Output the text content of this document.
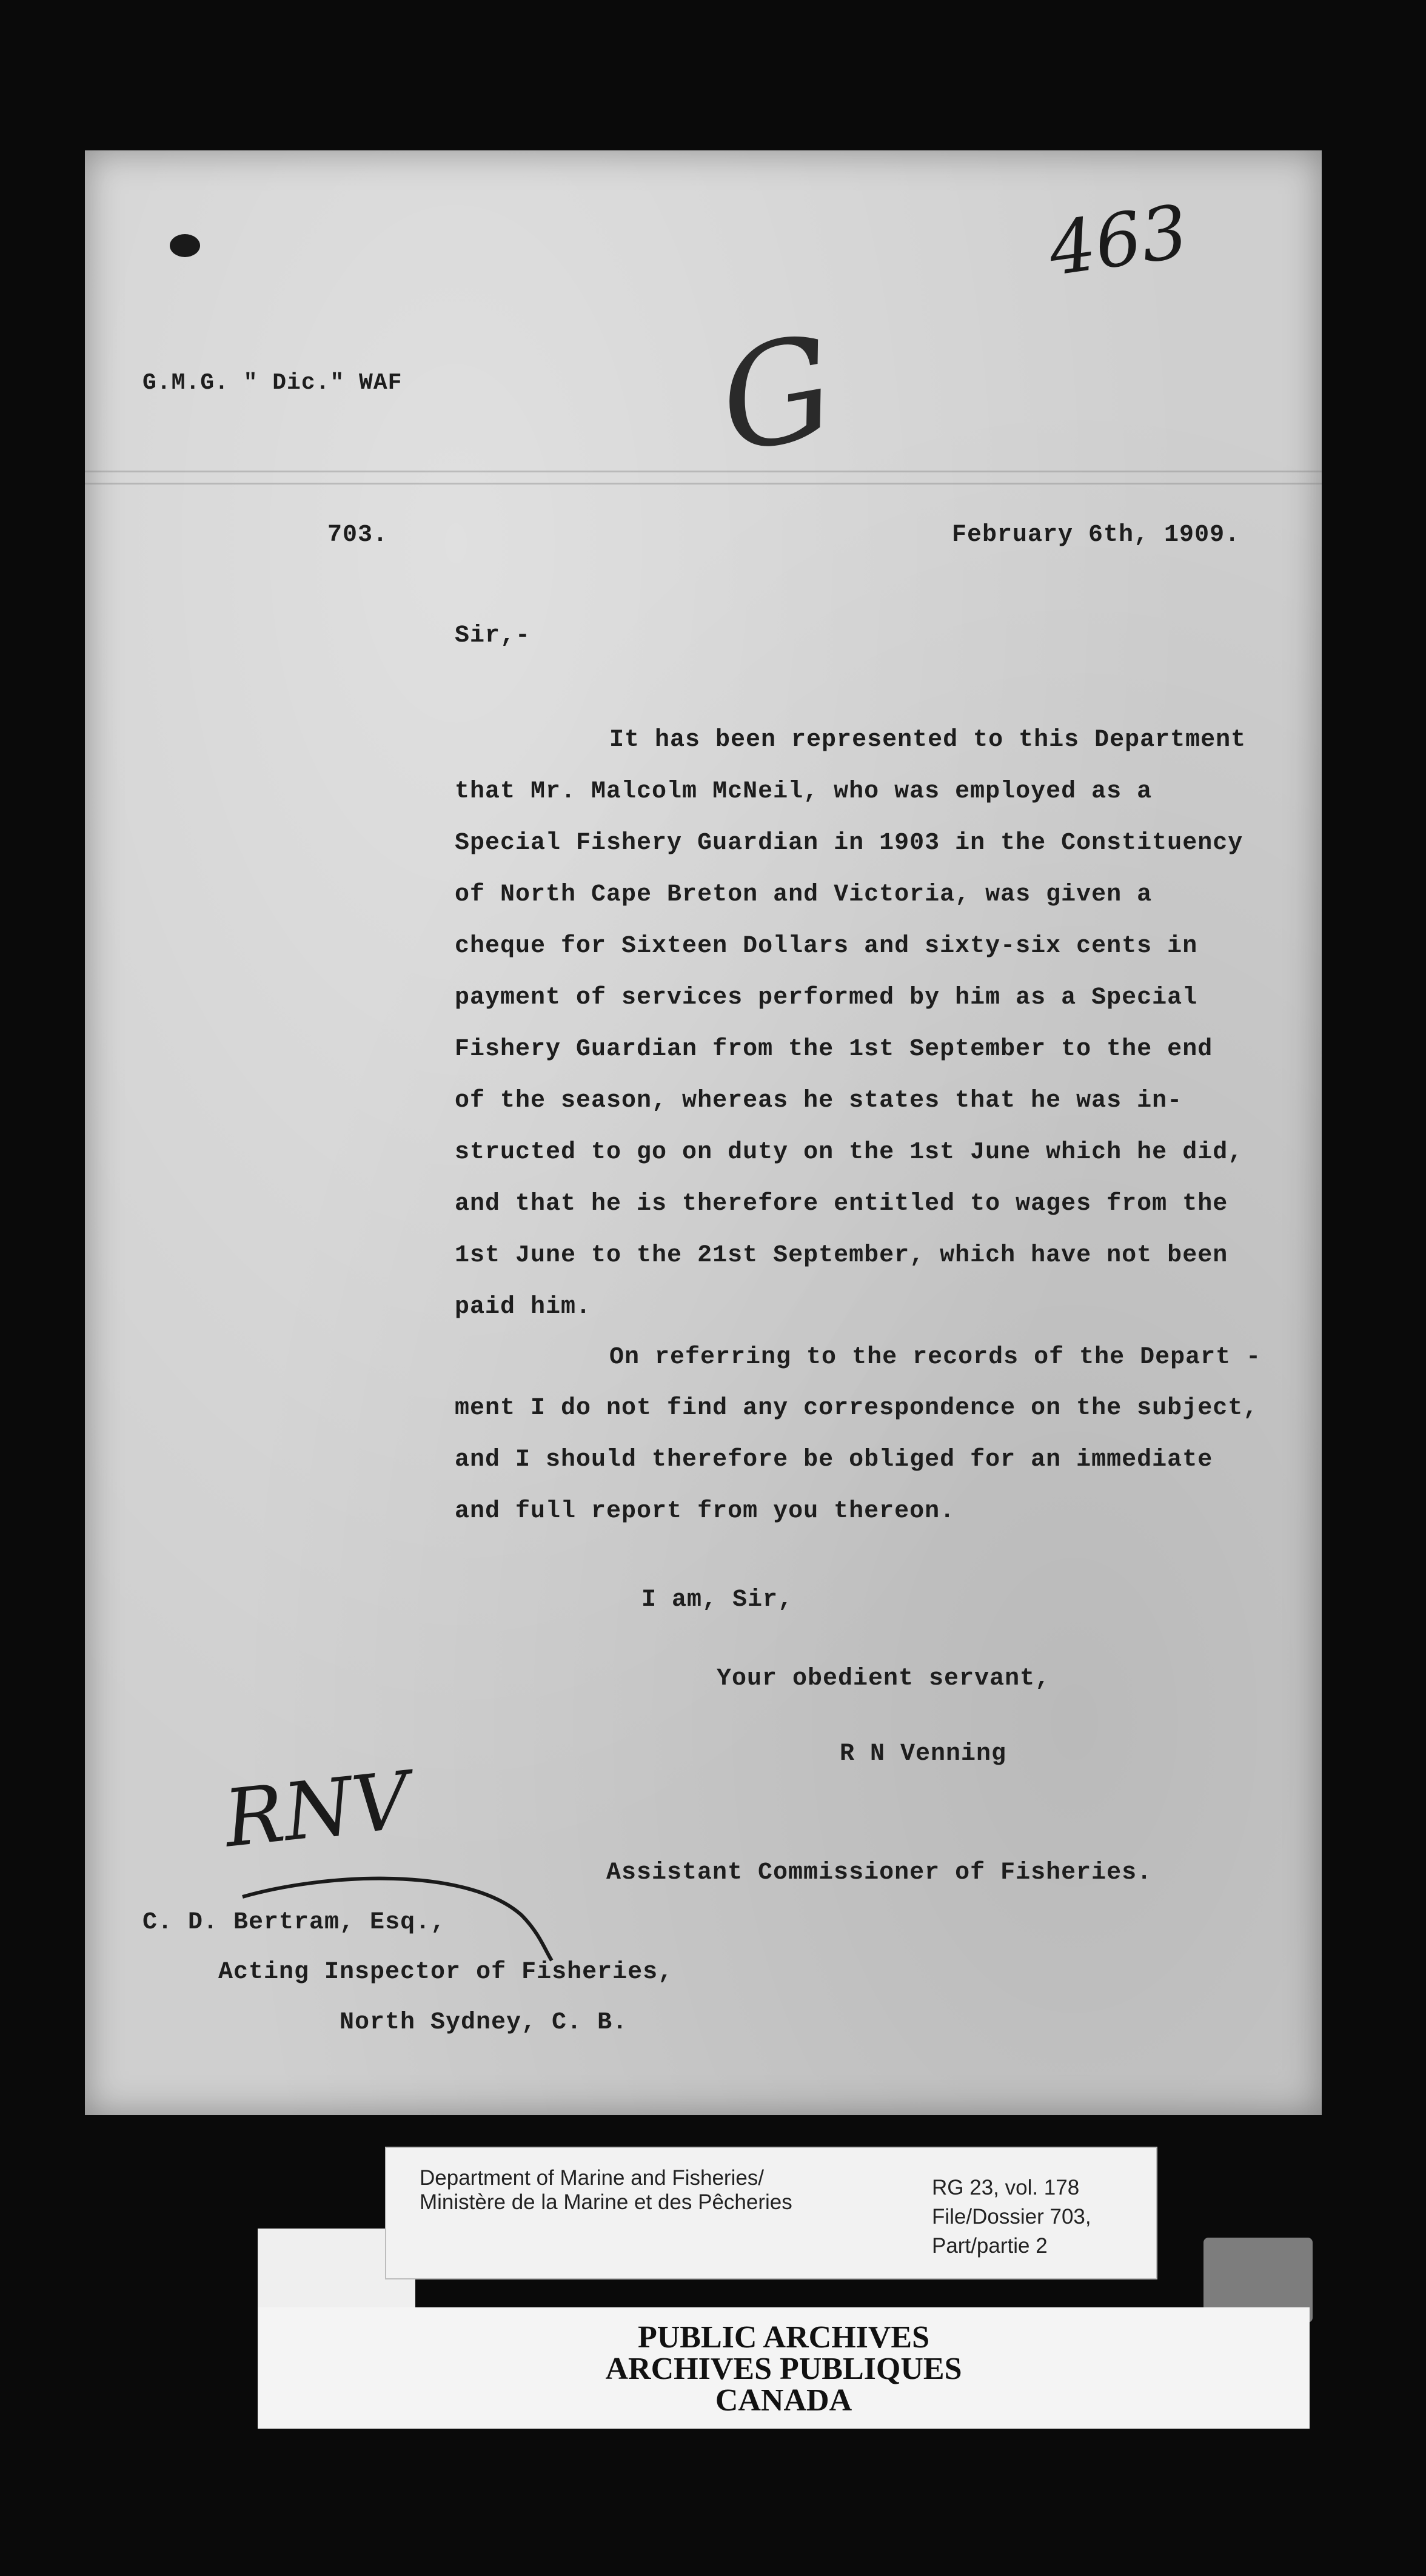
G.M.G. " Dic." WAF
463
G
703.	February 6th, 1909.
Sir,-
It has been represented to this Department
that Mr. Malcolm McNeil, who was employed as a
Special Fishery Guardian in 1903 in the Constituency
of North Cape Breton and Victoria, was given a
cheque for Sixteen Dollars and sixty-six cents in
payment of services performed by him as a Special
Fishery Guardian from the 1st September to the end
of the season, whereas he states that he was in-
structed to go on duty on the 1st June which he did,
and that he is therefore entitled to wages from the
1st June to the 21st September, which have not been
paid him.
On referring to the records of the Depart -
ment I do not find any correspondence on the subject,
and I should therefore be obliged for an immediate
and full report from you thereon.
I am, Sir,
Your obedient servant,
R N Venning
RNV
Assistant Commissioner of Fisheries.
C. D. Bertram, Esq.,
Acting Inspector of Fisheries,
North Sydney, C. B.
PUBLIC ARCHIVES
ARCHIVES PUBLIQUES
CANADA
Department of Marine and Fisheries/
Ministère de la Marine et des Pêcheries
RG 23, vol. 178
File/Dossier 703,
Part/partie 2
